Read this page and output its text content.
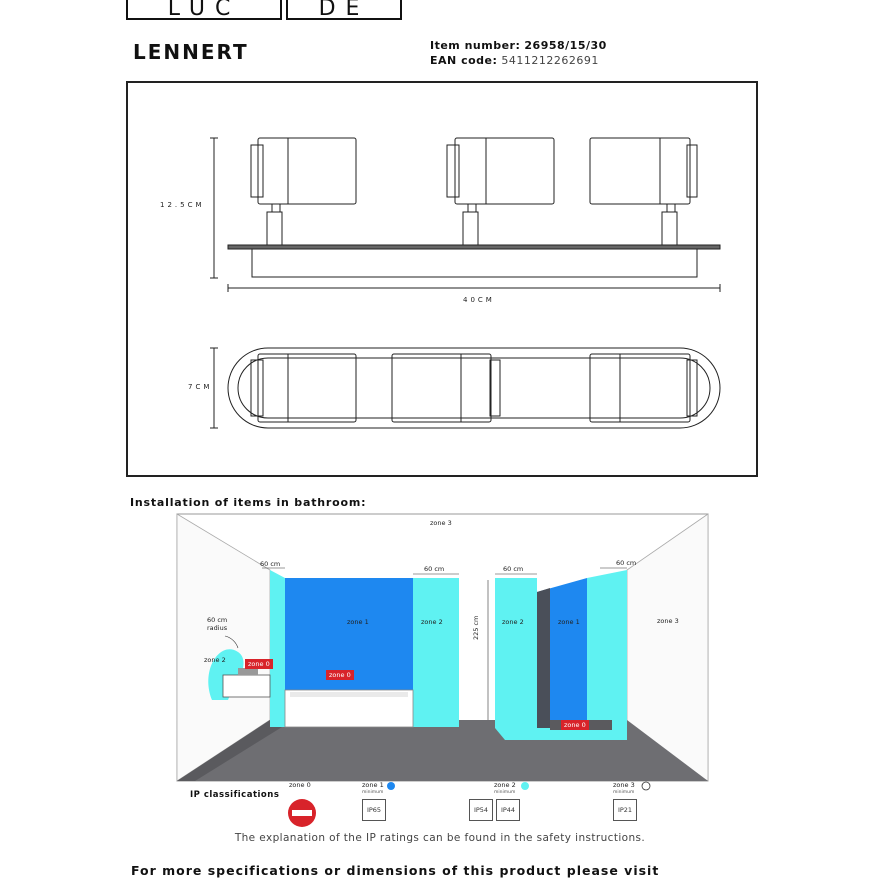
LUC	DE
LENNERT	Item number: 26958/15/30
EAN code: 5411212262691
12.5CM
40CM
7CM
Installation of items in bathroom:
zone 3
zone 3
60 cm
60 cm	60 cm
60 cm
60 cm radius
zone 2	zone 0
zone 0
zone 1	zone 2	225 cm	zone 2	zone 1
zone 0
IP classifications
zone 0	zone 1
minimum
zone 2
minimum
zone 3
minimum
IP65	IP54	IP44	IP21
The explanation of the IP ratings can be found in the safety instructions.
For more specifications or dimensions of this product please visit
